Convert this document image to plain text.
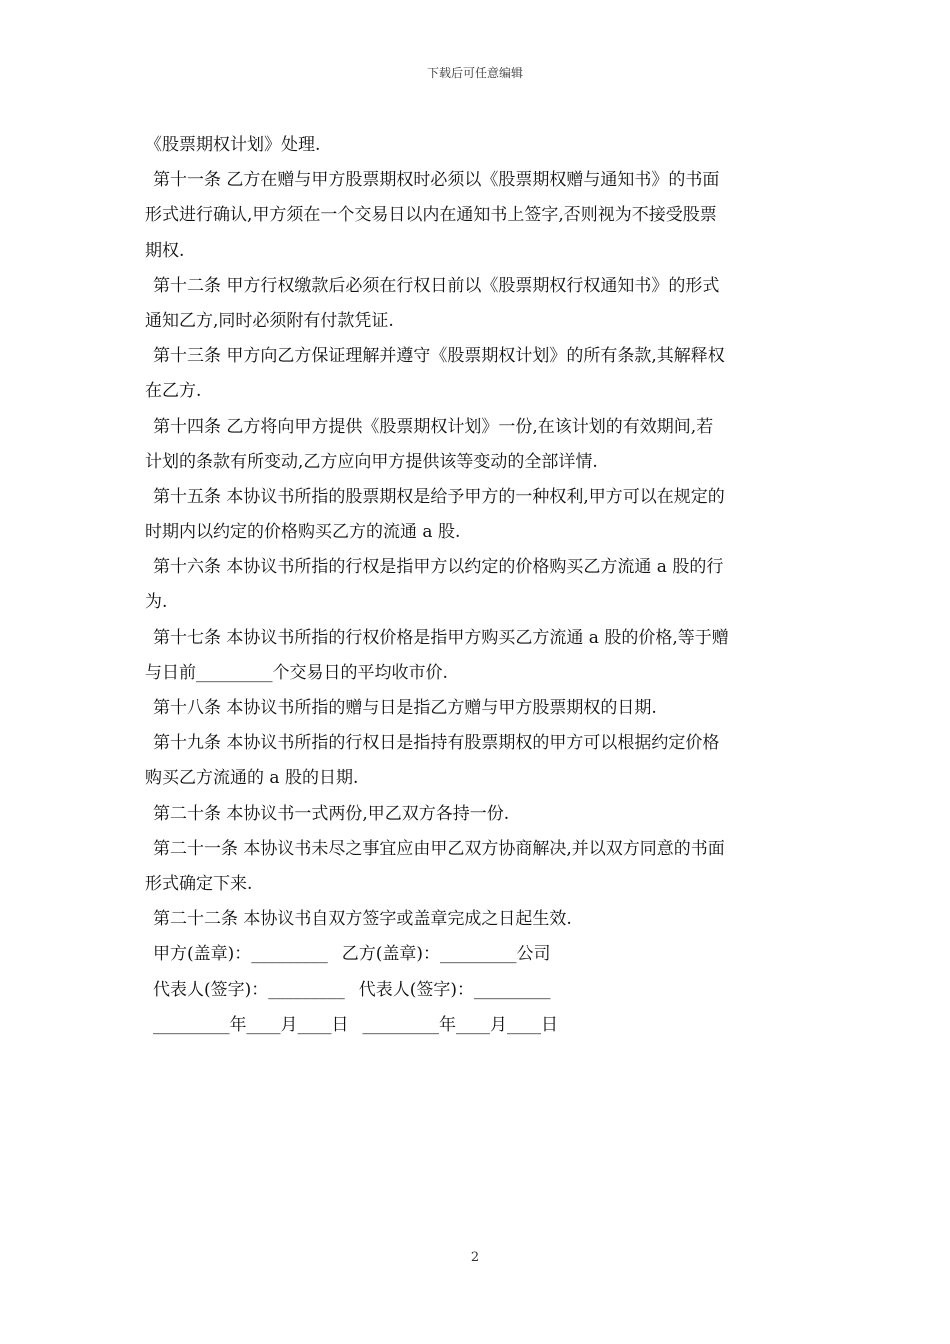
下载后可任意编辑
《股票期权计划》处理.
第十一条 乙方在赠与甲方股票期权时必须以《股票期权赠与通知书》的书面
形式进行确认,甲方须在一个交易日以内在通知书上签字,否则视为不接受股票
期权.
第十二条 甲方行权缴款后必须在行权日前以《股票期权行权通知书》的形式
通知乙方,同时必须附有付款凭证.
第十三条 甲方向乙方保证理解并遵守《股票期权计划》的所有条款,其解释权
在乙方.
第十四条 乙方将向甲方提供《股票期权计划》一份,在该计划的有效期间,若
计划的条款有所变动,乙方应向甲方提供该等变动的全部详情.
第十五条 本协议书所指的股票期权是给予甲方的一种权利,甲方可以在规定的
时期内以约定的价格购买乙方的流通 a 股.
第十六条 本协议书所指的行权是指甲方以约定的价格购买乙方流通 a 股的行
为.
第十七条 本协议书所指的行权价格是指甲方购买乙方流通 a 股的价格,等于赠
与日前_________个交易日的平均收市价.
第十八条 本协议书所指的赠与日是指乙方赠与甲方股票期权的日期.
第十九条 本协议书所指的行权日是指持有股票期权的甲方可以根据约定价格
购买乙方流通的 a 股的日期.
第二十条 本协议书一式两份,甲乙双方各持一份.
第二十一条 本协议书未尽之事宜应由甲乙双方协商解决,并以双方同意的书面
形式确定下来.
第二十二条 本协议书自双方签字或盖章完成之日起生效.
甲方(盖章)：_________ 乙方(盖章)：_________公司
代表人(签字)：_________ 代表人(签字)：_________
_________年____月____日 _________年____月____日
2
